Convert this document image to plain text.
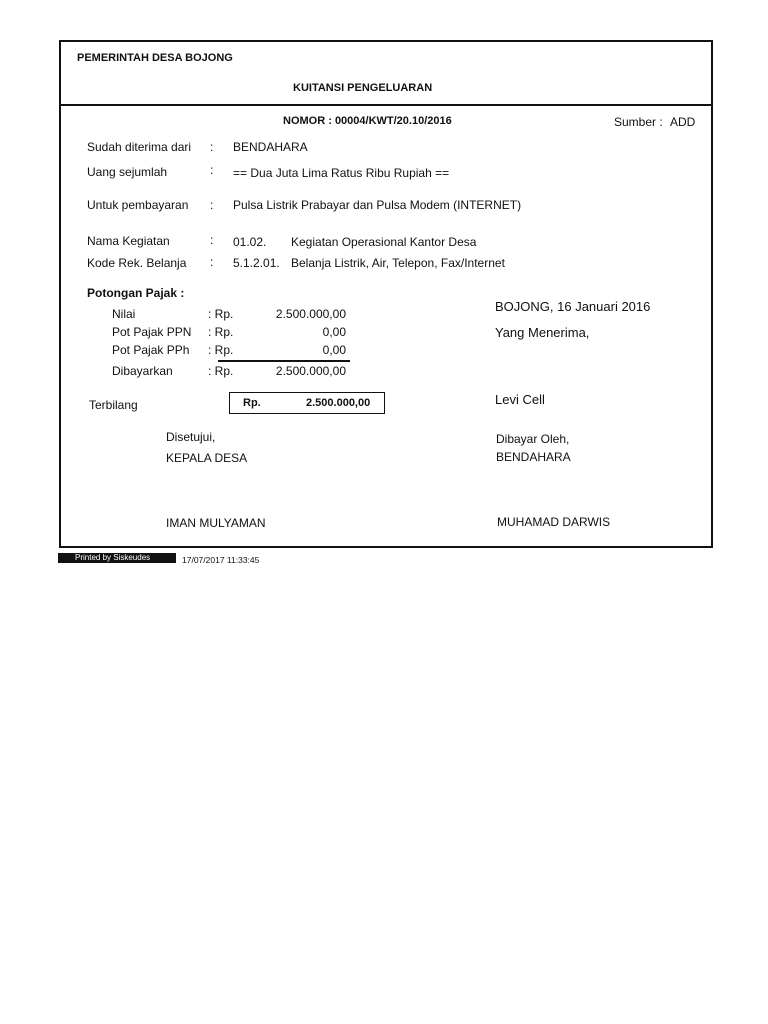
PEMERINTAH DESA BOJONG
KUITANSI PENGELUARAN
NOMOR : 00004/KWT/20.10/2016	Sumber : ADD
Sudah diterima dari : BENDAHARA
Uang sejumlah	: == Dua Juta Lima Ratus Ribu Rupiah ==
Untuk pembayaran : Pulsa Listrik Prabayar dan Pulsa Modem (INTERNET)
Nama Kegiatan	: 01.02. Kegiatan Operasional Kantor Desa
Kode Rek. Belanja : 5.1.2.01. Belanja Listrik, Air, Telepon, Fax/Internet
Potongan Pajak :
Nilai	: Rp.	2.500.000,00
Pot Pajak PPN : Rp.	0,00
Pot Pajak PPh : Rp.	0,00
Dibayarkan	: Rp.	2.500.000,00
Terbilang	Rp.	2.500.000,00
BOJONG, 16 Januari 2016
Yang Menerima,
Levi Cell
Dibayar Oleh,
BENDAHARA
MUHAMAD DARWIS
Disetujui,
KEPALA DESA
IMAN MULYAMAN
Printed by Siskeudes	17/07/2017 11:33:45
